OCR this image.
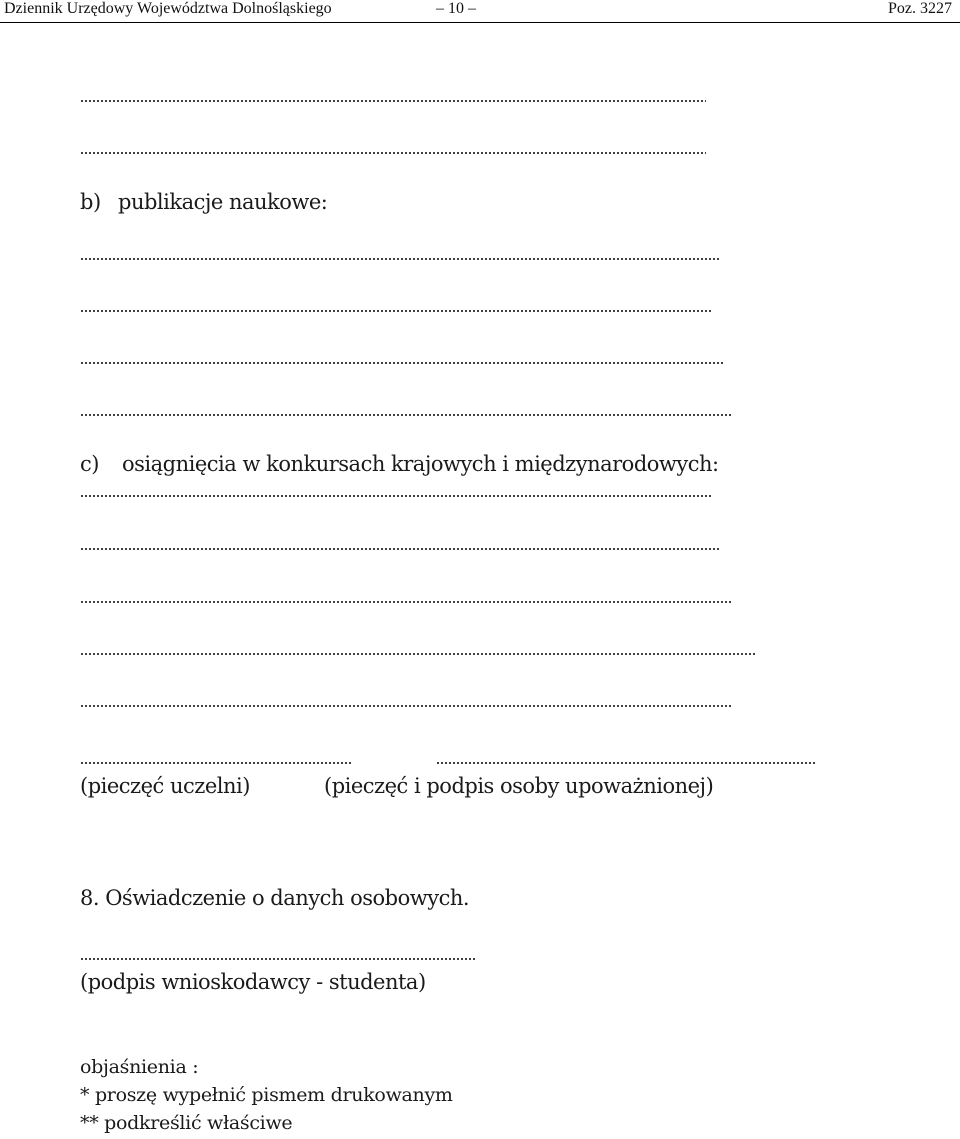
Dziennik Urzędowy Województwa Dolnośląskiego	– 10 –	Poz. 3227
b) publikacje naukowe:
c) osiągnięcia w konkursach krajowych i międzynarodowych:
(pieczęć uczelni)	(pieczęć i podpis osoby upoważnionej)
8. Oświadczenie o danych osobowych.
(podpis wnioskodawcy - studenta)
objaśnienia :
* proszę wypełnić pismem drukowanym
** podkreślić właściwe
